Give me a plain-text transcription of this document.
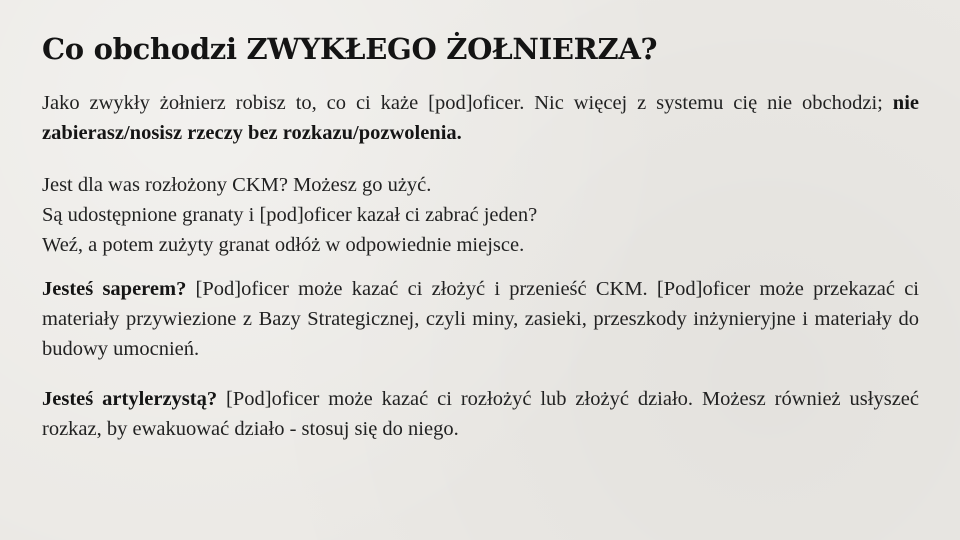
Co obchodzi ZWYKŁEGO ŻOŁNIERZA?

Jako zwykły żołnierz robisz to, co ci każe [pod]oficer. Nic więcej z systemu cię nie obchodzi; nie zabierasz/nosisz rzeczy bez rozkazu/pozwolenia.

Jest dla was rozłożony CKM? Możesz go użyć.
Są udostępnione granaty i [pod]oficer kazał ci zabrać jeden?
Weź, a potem zużyty granat odłóż w odpowiednie miejsce.

Jesteś saperem? [Pod]oficer może kazać ci złożyć i przenieść CKM. [Pod]oficer może przekazać ci materiały przywiezione z Bazy Strategicznej, czyli miny, zasieki, przeszkody inżynieryjne i materiały do budowy umocnień.

Jesteś artylerzystą? [Pod]oficer może kazać ci rozłożyć lub złożyć działo. Możesz również usłyszeć rozkaz, by ewakuować działo - stosuj się do niego.
